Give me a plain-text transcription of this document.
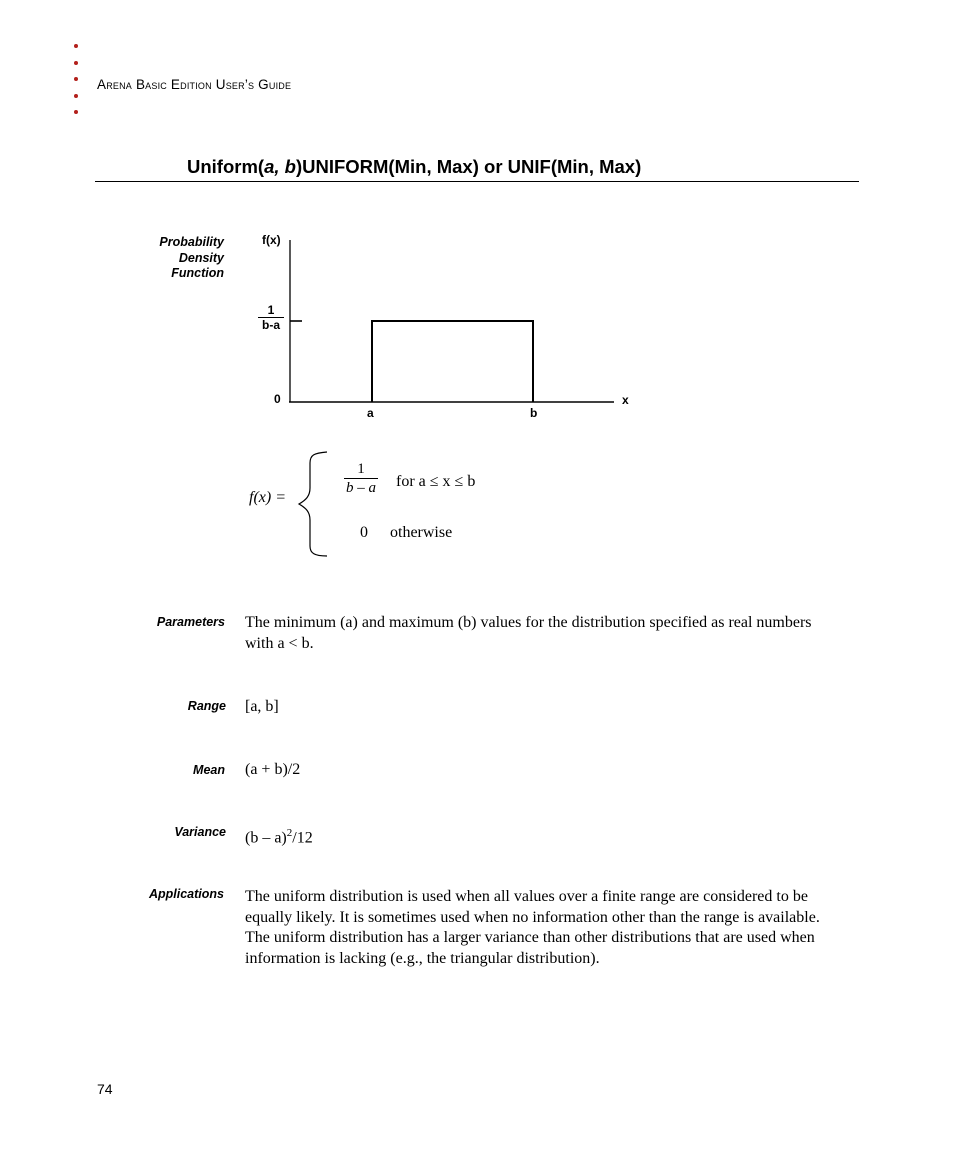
Arena Basic Edition User’s Guide
Uniform(a, b)UNIFORM(Min, Max) or UNIF(Min, Max)
Probability
Density
Function
f(x)
x
0
$\frac{1}{b-a}$
a	b
f(x) =
$\frac{1}{b - a}$ for a ≤ x ≤ b
0 otherwise
Parameters The minimum (a) and maximum (b) values for the distribution specified as real numbers
with a < b.
Range [a, b]
Mean (a + b)/2
Variance (b – a)$^2$/12
Applications The uniform distribution is used when all values over a finite range are considered to be
equally likely. It is sometimes used when no information other than the range is available.
The uniform distribution has a larger variance than other distributions that are used when
information is lacking (e.g., the triangular distribution).
74
